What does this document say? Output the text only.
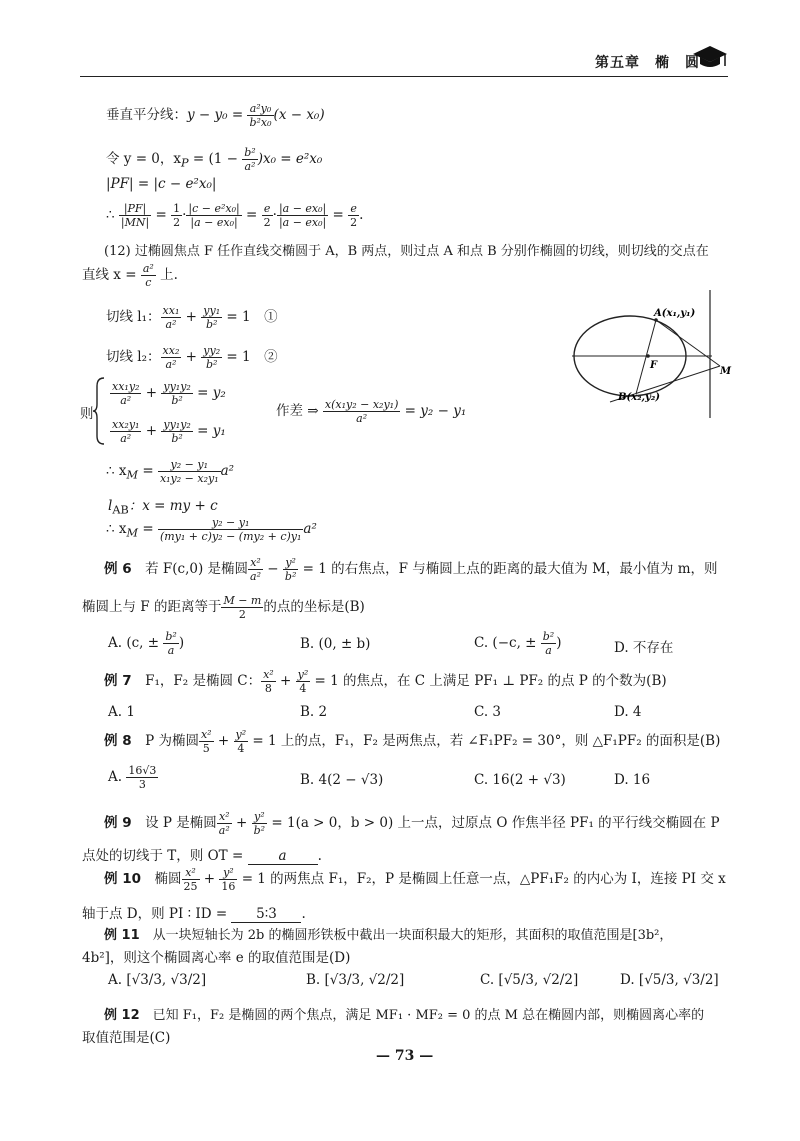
第五章　椭　圆
垂直平分线：$y - y_0 = \frac{\text{a²y₀}}{\text{b²x₀}} (x - x_0)$
令 y = 0，$x_P = (1 - \frac{\text{b²}}{\text{a²}} )x_0 = e^2x_0$
|PF| = |c − e²x₀|
∴ $\frac{|PF|}{|MN|} = \frac{1}{2} \cdot \frac{\text{|c − e²x₀|}}{\text{|a − ex₀|}} = \frac{e}{2} \cdot \frac{\text{|a − ex₀|}}{\text{|a − ex₀|}} = \frac{e}{2}$ .
(12) 过椭圆焦点 F 任作直线交椭圆于 A，B 两点，则过点 A 和点 B 分别作椭圆的切线，则切线的交点在
直线 $x = \frac{\text{a²}}{c}$ 上.
切线 l₁： $\frac{\text{xx₁}}{\text{a²}} + \frac{\text{yy₁}}{\text{b²}} = 1$　①
切线 l₂： $\frac{\text{xx₂}}{\text{a²}} + \frac{\text{yy₂}}{\text{b²}} = 1$　②
则
$\frac{\text{xx₁y₂}}{\text{a²}} + \frac{\text{yy₁y₂}}{\text{b²}} = y_2$
$\frac{\text{xx₂y₁}}{\text{a²}} + \frac{\text{yy₁y₂}}{\text{b²}} = y_1$
作差 ⇒ $\frac{\text{x(x₁y₂ − x₂y₁)}}{\text{a²}} = y_2 - y_1$
∴ $x_M = \frac{\text{y₂ − y₁}}{\text{x₁y₂ − x₂y₁}} a^2$
$l_{AB}$：x = my + c
∴ $x_M = \frac{\text{y₂ − y₁}}{\text{(my₁ + c)y₂ − (my₂ + c)y₁}} a^2$
A(x₁,y₁)
F
M
B(x₂,y₂)
例 6　 若 F(c,0) 是椭圆 $\frac{\text{x²}}{\text{a²}} - \frac{\text{y²}}{\text{b²}} = 1$ 的右焦点，F 与椭圆上点的距离的最大值为 M，最小值为 m，则
椭圆上与 F 的距离等于 $\frac{M - m}{2}$ 的点的坐标是(B)
A. (c, ± $\frac{\text{b²}}{a}$ )	B. (0, ± b)	C. (−c, ± $\frac{\text{b²}}{a}$ )	D. 不存在
例 7　 F₁，F₂ 是椭圆 C： $\frac{\text{x²}}{8} + \frac{\text{y²}}{4} = 1$ 的焦点，在 C 上满足 PF₁ ⊥ PF₂ 的点 P 的个数为(B)
A. 1	B. 2	C. 3	D. 4
例 8　 P 为椭圆 $\frac{\text{x²}}{5} + \frac{\text{y²}}{4} = 1$ 上的点，F₁，F₂ 是两焦点，若 ∠F₁PF₂ = 30°，则 △F₁PF₂ 的面积是(B)
A. $\frac{16√3}{3}$	B. 4(2 − √3)	C. 16(2 + √3)	D. 16
例 9　 设 P 是椭圆 $\frac{\text{x²}}{\text{a²}} + \frac{\text{y²}}{\text{b²}} = 1(a > 0$，b > 0) 上一点，过原点 O 作焦半径 PF₁ 的平行线交椭圆在 P
点处的切线于 T，则 OT = a .
例 10　 椭圆 $\frac{\text{x²}}{25} + \frac{\text{y²}}{16} = 1$ 的两焦点 F₁，F₂，P 是椭圆上任意一点，△PF₁F₂ 的内心为 I，连接 PI 交 x
轴于点 D，则 PI ∶ ID = 5∶3 .
例 11　 从一块短轴长为 2b 的椭圆形铁板中截出一块面积最大的矩形，其面积的取值范围是[3b²，
4b²]，则这个椭圆离心率 e 的取值范围是(D)
A. [√3/3, √3/2]	B. [√3/3, √2/2]	C. [√5/3, √2/2]	D. [√5/3, √3/2]
例 12　 已知 F₁，F₂ 是椭圆的两个焦点，满足 MF₁ · MF₂ = 0 的点 M 总在椭圆内部，则椭圆离心率的
取值范围是(C)
— 73 —
